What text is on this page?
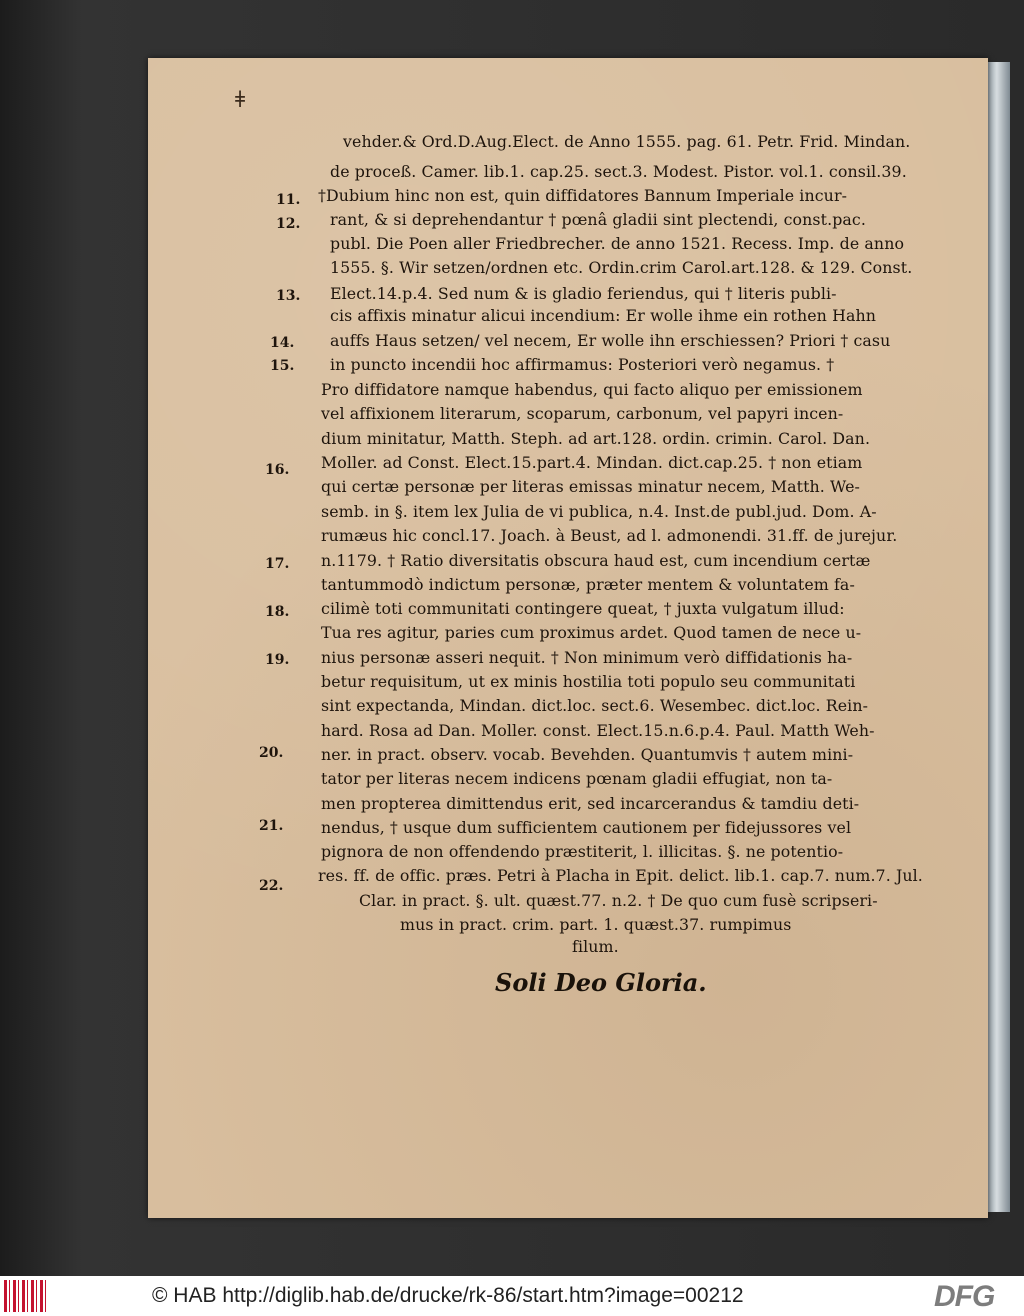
ǂ
vehder.& Ord.D.Aug.Elect. de Anno 1555. pag. 61. Petr. Frid. Mindan.
de proceß. Camer. lib.1. cap.25. sect.3. Modest. Pistor. vol.1. consil.39.
†Dubium hinc non est, quin diffidatores Bannum Imperiale incur-
rant, & si deprehendantur † pœnâ gladii sint plectendi, const.pac.
publ. Die Poen aller Friedbrecher. de anno 1521. Recess. Imp. de anno
1555. §. Wir setzen/ordnen etc. Ordin.crim Carol.art.128. & 129. Const.
Elect.14.p.4. Sed num & is gladio feriendus, qui † literis publi-
cis affixis minatur alicui incendium: Er wolle ihme ein rothen Hahn
auffs Haus setzen/ vel necem, Er wolle ihn erschiessen? Priori † casu
in puncto incendii hoc affirmamus: Posteriori verò negamus. †
Pro diffidatore namque habendus, qui facto aliquo per emissionem
vel affixionem literarum, scoparum, carbonum, vel papyri incen-
dium minitatur, Matth. Steph. ad art.128. ordin. crimin. Carol. Dan.
Moller. ad Const. Elect.15.part.4. Mindan. dict.cap.25. † non etiam
qui certæ personæ per literas emissas minatur necem, Matth. We-
semb. in §. item lex Julia de vi publica, n.4. Inst.de publ.jud. Dom. A-
rumæus hic concl.17. Joach. à Beust, ad l. admonendi. 31.ff. de jurejur.
n.1179. † Ratio diversitatis obscura haud est, cum incendium certæ
tantummodò indictum personæ, præter mentem & voluntatem fa-
cilimè toti communitati contingere queat, † juxta vulgatum illud:
Tua res agitur, paries cum proximus ardet. Quod tamen de nece u-
nius personæ asseri nequit. † Non minimum verò diffidationis ha-
betur requisitum, ut ex minis hostilia toti populo seu communitati
sint expectanda, Mindan. dict.loc. sect.6. Wesembec. dict.loc. Rein-
hard. Rosa ad Dan. Moller. const. Elect.15.n.6.p.4. Paul. Matth Weh-
ner. in pract. observ. vocab. Bevehden. Quantumvis † autem mini-
tator per literas necem indicens pœnam gladii effugiat, non ta-
men propterea dimittendus erit, sed incarcerandus & tamdiu deti-
nendus, † usque dum sufficientem cautionem per fidejussores vel
pignora de non offendendo præstiterit, l. illicitas. §. ne potentio-
res. ff. de offic. præs. Petri à Placha in Epit. delict. lib.1. cap.7. num.7. Jul.
Clar. in pract. §. ult. quæst.77. n.2. † De quo cum fusè scripseri-
mus in pract. crim. part. 1. quæst.37. rumpimus
filum.
11.
12.
13.
14.
15.
16.
17.
18.
19.
20.
21.
22.
Soli Deo Gloria.
© HAB http://diglib.hab.de/drucke/rk-86/start.htm?image=00212	DFG
